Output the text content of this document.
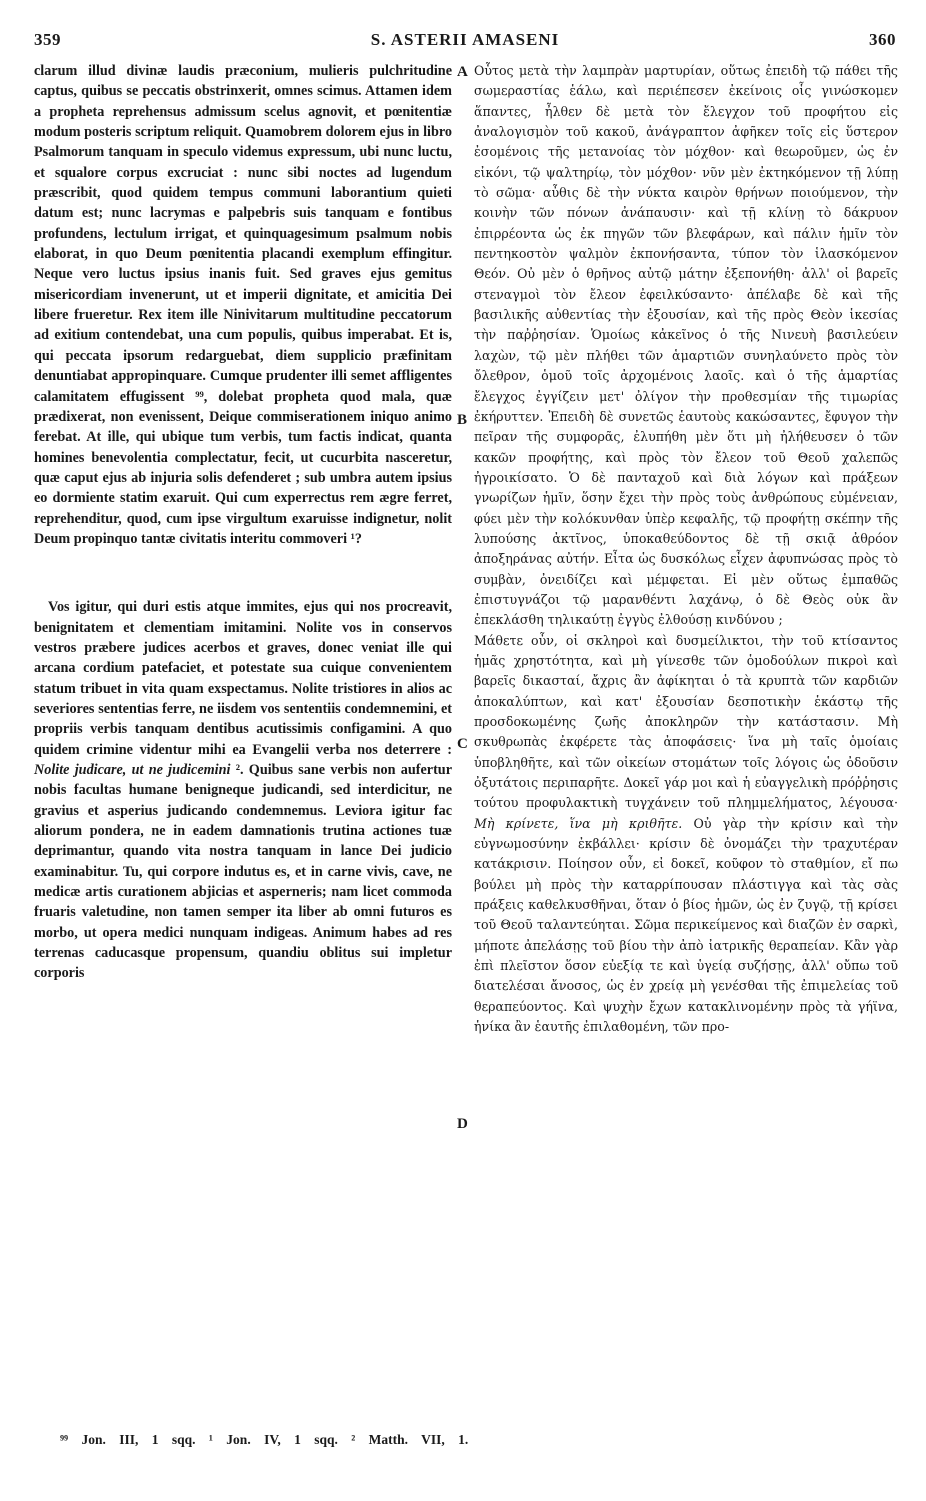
359	S. ASTERII AMASENI	360
A
B
C
D

clarum illud divinæ laudis præconium, mulieris pulchritudine captus, quibus se peccatis obstrinxerit, omnes scimus. Attamen idem a propheta reprehensus admissum scelus agnovit, et pœnitentiæ modum posteris scriptum reliquit. Quamobrem dolorem ejus in libro Psalmorum tanquam in speculo videmus expressum, ubi nunc luctu, et squalore corpus excruciat : nunc sibi noctes ad lugendum præscribit, quod quidem tempus communi laborantium quieti datum est; nunc lacrymas e palpebris suis tanquam e fontibus profundens, lectulum irrigat, et quinquagesimum psalmum nobis elaborat, in quo Deum pœnitentia placandi exemplum effingitur. Neque vero luctus ipsius inanis fuit. Sed graves ejus gemitus misericordiam invenerunt, ut et imperii dignitate, et amicitia Dei libere frueretur. Rex item ille Ninivitarum multitudine peccatorum ad exitium contendebat, una cum populis, quibus imperabat. Et is, qui peccata ipsorum redarguebat, diem supplicio præfinitam denuntiabat appropinquare. Cumque prudenter illi semet affligentes calamitatem effugissent ⁹⁹, dolebat propheta quod mala, quæ prædixerat, non evenissent, Deique commiserationem iniquo animo ferebat. At ille, qui ubique tum verbis, tum factis indicat, quanta homines benevolentia complectatur, fecit, ut cucurbita nasceretur, quæ caput ejus ab injuria solis defenderet ; sub umbra autem ipsius eo dormiente statim exaruit. Qui cum experrectus rem ægre ferret, reprehenditur, quod, cum ipse virgultum exaruisse indignetur, nolit Deum propinquo tantæ civitatis interitu commoveri ¹?

Vos igitur, qui duri estis atque immites, ejus qui nos procreavit, benignitatem et clementiam imitamini. Nolite vos in conservos vestros præbere judices acerbos et graves, donec veniat ille qui arcana cordium patefaciet, et potestate sua cuique convenientem statum tribuet in vita quam exspectamus. Nolite tristiores in alios ac severiores sententias ferre, ne iisdem vos sententiis condemnemini, et propriis verbis tanquam dentibus acutissimis configamini. A quo quidem crimine videntur mihi ea Evangelii verba nos deterrere : Nolite judicare, ut ne judicemini ². Quibus sane verbis non aufertur nobis facultas humane benigneque judicandi, sed interdicitur, ne gravius et asperius judicando condemnemus. Leviora igitur fac aliorum pondera, ne in eadem damnationis trutina actiones tuæ deprimantur, quando vita nostra tanquam in lance Dei judicio examinabitur. Tu, qui corpore indutus es, et in carne vivis, cave, ne medicæ artis curationem abjicias et asperneris; nam licet commoda fruaris valetudine, non tamen semper ita liber ab omni futuros es morbo, ut opera medici nunquam indigeas. Animum habes ad res terrenas caducasque propensum, quandiu oblitus sui impletur corporis

Οὗτος μετὰ τὴν λαμπρὰν μαρτυρίαν, οὕτως ἐπειδὴ τῷ πάθει τῆς σωμεραστίας ἑάλω, καὶ περιέπεσεν ἐκείνοις οἷς γινώσκομεν ἅπαντες, ἦλθεν δὲ μετὰ τὸν ἔλεγχον τοῦ προφήτου εἰς ἀναλογισμὸν τοῦ κακοῦ, ἀνάγραπτον ἀφῆκεν τοῖς εἰς ὕστερον ἐσομένοις τῆς μετανοίας τὸν μόχθον· καὶ θεωροῦμεν, ὡς ἐν εἰκόνι, τῷ ψαλτηρίῳ, τὸν μόχθον· νῦν μὲν ἐκτηκόμενον τῇ λύπῃ τὸ σῶμα· αὖθις δὲ τὴν νύκτα καιρὸν θρήνων ποιούμενον, τὴν κοινὴν τῶν πόνων ἀνάπαυσιν· καὶ τῇ κλίνῃ τὸ δάκρυον ἐπιρρέοντα ὡς ἐκ πηγῶν τῶν βλεφάρων, καὶ πάλιν ἡμῖν τὸν πεντηκοστὸν ψαλμὸν ἐκπονήσαντα, τύπον τὸν ἱλασκόμενον Θεόν. Οὐ μὲν ὁ θρῆνος αὐτῷ μάτην ἐξεπονήθη· ἀλλ' οἱ βαρεῖς στεναγμοὶ τὸν ἔλεον ἐφειλκύσαντο· ἀπέλαβε δὲ καὶ τῆς βασιλικῆς αὐθεντίας τὴν ἐξουσίαν, καὶ τῆς πρὸς Θεὸν ἱκεσίας τὴν παῤῥησίαν. Ὁμοίως κἀκεῖνος ὁ τῆς Νινευὴ βασιλεύειν λαχὼν, τῷ μὲν πλήθει τῶν ἁμαρτιῶν συνηλαύνετο πρὸς τὸν ὄλεθρον, ὁμοῦ τοῖς ἀρχομένοις λαοῖς. καὶ ὁ τῆς ἁμαρτίας ἔλεγχος ἐγγίζειν μετ' ὀλίγον τὴν προθεσμίαν τῆς τιμωρίας ἐκήρυττεν. Ἐπειδὴ δὲ συνετῶς ἑαυτοὺς κακώσαντες, ἔφυγον τὴν πεῖραν τῆς συμφορᾶς, ἐλυπήθη μὲν ὅτι μὴ ἠλήθευσεν ὁ τῶν κακῶν προφήτης, καὶ πρὸς τὸν ἔλεον τοῦ Θεοῦ χαλεπῶς ἠγροικίσατο. Ὁ δὲ πανταχοῦ καὶ διὰ λόγων καὶ πράξεων γνωρίζων ἡμῖν, ὅσην ἔχει τὴν πρὸς τοὺς ἀνθρώπους εὐμένειαν, φύει μὲν τὴν κολόκυνθαν ὑπὲρ κεφαλῆς, τῷ προφήτῃ σκέπην τῆς λυπούσης ἀκτῖνος, ὑποκαθεύδοντος δὲ τῇ σκιᾷ ἀθρόον ἀποξηράνας αὐτήν. Εἶτα ὡς δυσκόλως εἶχεν ἀφυπνώσας πρὸς τὸ συμβὰν, ὀνειδίζει καὶ μέμφεται. Εἰ μὲν οὕτως ἐμπαθῶς ἐπιστυγνάζοι τῷ μαρανθέντι λαχάνῳ, ὁ δὲ Θεὸς οὐκ ἂν ἐπεκλάσθη τηλικαύτῃ ἐγγὺς ἐλθούσῃ κινδύνου ;

Μάθετε οὖν, οἱ σκληροὶ καὶ δυσμείλικτοι, τὴν τοῦ κτίσαντος ἡμᾶς χρηστότητα, καὶ μὴ γίνεσθε τῶν ὁμοδούλων πικροὶ καὶ βαρεῖς δικασταί, ἄχρις ἂν ἀφίκηται ὁ τὰ κρυπτὰ τῶν καρδιῶν ἀποκαλύπτων, καὶ κατ' ἐξουσίαν δεσποτικὴν ἑκάστῳ τῆς προσδοκωμένης ζωῆς ἀποκληρῶν τὴν κατάστασιν. Μὴ σκυθρωπὰς ἐκφέρετε τὰς ἀποφάσεις· ἵνα μὴ ταῖς ὁμοίαις ὑποβληθῆτε, καὶ τῶν οἰκείων στομάτων τοῖς λόγοις ὡς ὀδοῦσιν ὀξυτάτοις περιπαρῆτε. Δοκεῖ γάρ μοι καὶ ἡ εὐαγγελικὴ πρόῤῥησις τούτου προφυλακτικὴ τυγχάνειν τοῦ πλημμελήματος, λέγουσα· Μὴ κρίνετε, ἵνα μὴ κριθῆτε. Οὐ γὰρ τὴν κρίσιν καὶ τὴν εὐγνωμοσύνην ἐκβάλλει· κρίσιν δὲ ὀνομάζει τὴν τραχυτέραν κατάκρισιν. Ποίησον οὖν, εἰ δοκεῖ, κοῦφον τὸ σταθμίον, εἴ πω βούλει μὴ πρὸς τὴν καταρρίπουσαν πλάστιγγα καὶ τὰς σὰς πράξεις καθελκυσθῆναι, ὅταν ὁ βίος ἡμῶν, ὡς ἐν ζυγῷ, τῇ κρίσει τοῦ Θεοῦ ταλαντεύηται. Σῶμα περικείμενος καὶ διαζῶν ἐν σαρκὶ, μήποτε ἀπελάσῃς τοῦ βίου τὴν ἀπὸ ἰατρικῆς θεραπείαν. Κἂν γὰρ ἐπὶ πλεῖστον ὅσον εὐεξίᾳ τε καὶ ὑγείᾳ συζήσῃς, ἀλλ' οὔπω τοῦ διατελέσαι ἄνοσος, ὡς ἐν χρείᾳ μὴ γενέσθαι τῆς ἐπιμελείας τοῦ θεραπεύοντος. Καὶ ψυχὴν ἔχων κατακλινομένην πρὸς τὰ γήϊνα, ἡνίκα ἂν ἑαυτῆς ἐπιλαθομένη, τῶν προ-

⁹⁹ Jon. III, 1 sqq. ¹ Jon. IV, 1 sqq. ² Matth. VII, 1.
